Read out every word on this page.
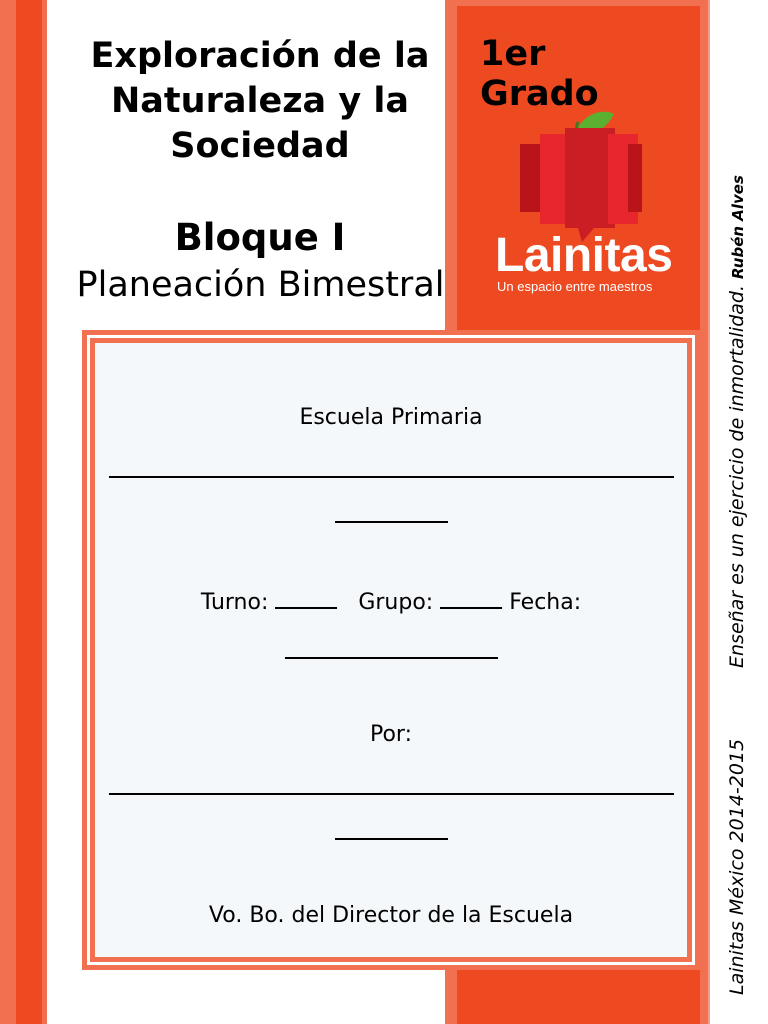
Exploración de la
Naturaleza y la
Sociedad
1er Grado
Bloque I
Planeación Bimestral
Lainitas
Un espacio entre maestros
Escuela Primaria
Turno:	Grupo:	Fecha:
Por:
Vo. Bo. del Director de la Escuela
Enseñar es un ejercicio de inmortalidad. Rubén Alves
Lainitas México 2014-2015
